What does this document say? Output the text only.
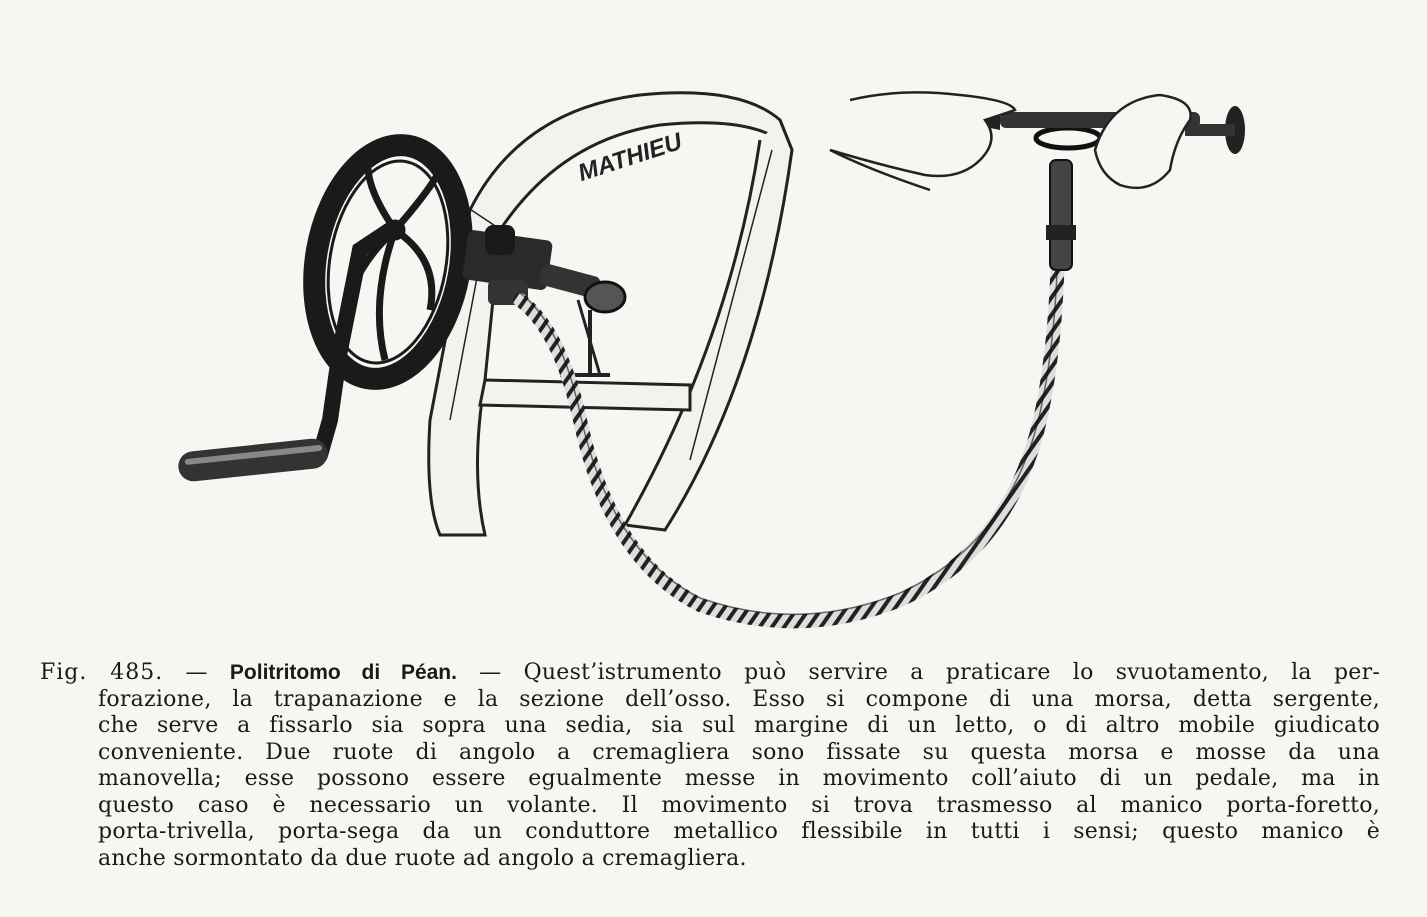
MATHIEU
Fig. 485. — Politritomo di Péan. — Quest’istrumento può servire a praticare lo svuotamento, la per-
forazione, la trapanazione e la sezione dell’osso. Esso si compone di una morsa, detta sergente,
che serve a fissarlo sia sopra una sedia, sia sul margine di un letto, o di altro mobile giudicato
conveniente. Due ruote di angolo a cremagliera sono fissate su questa morsa e mosse da una
manovella; esse possono essere egualmente messe in movimento coll’aiuto di un pedale, ma in
questo caso è necessario un volante. Il movimento si trova trasmesso al manico porta-foretto,
porta-trivella, porta-sega da un conduttore metallico flessibile in tutti i sensi; questo manico è
anche sormontato da due ruote ad angolo a cremagliera.
